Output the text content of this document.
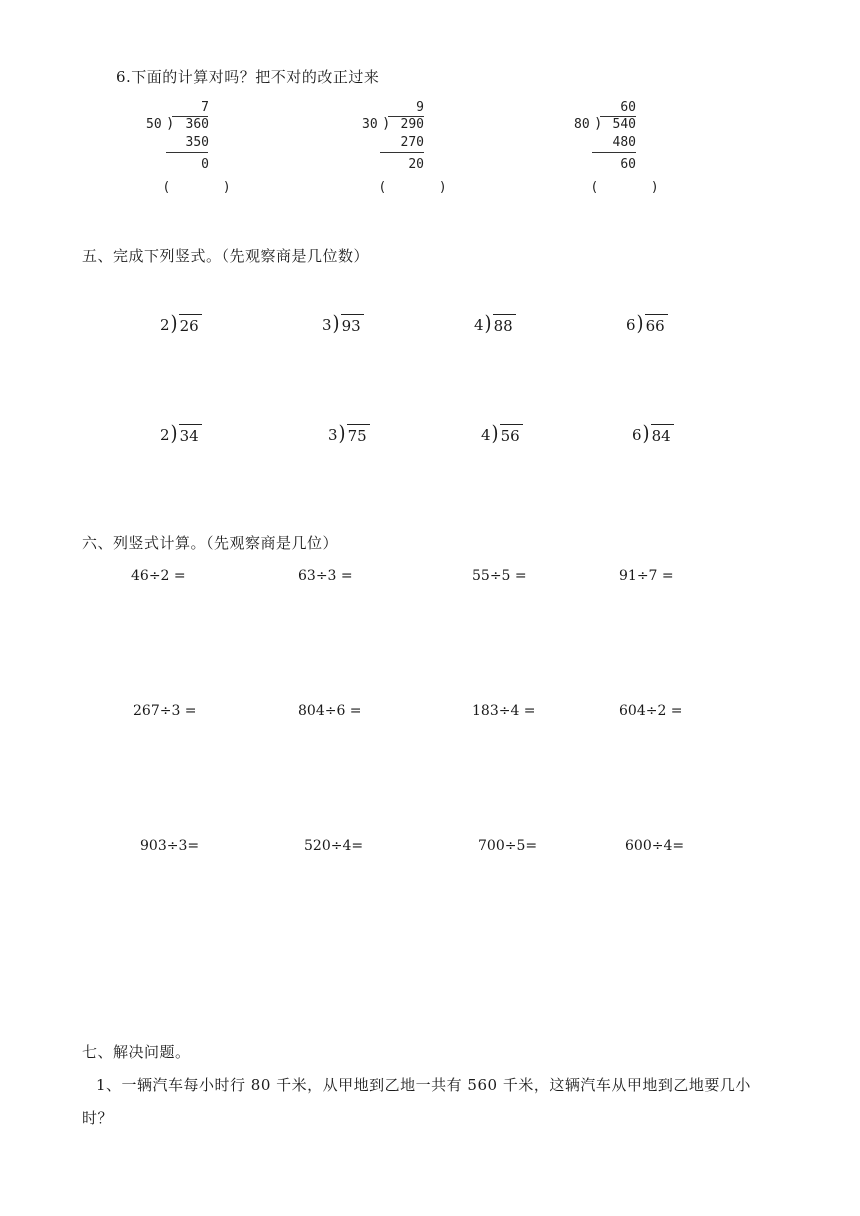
6.下面的计算对吗？把不对的改正过来
7
50 ) 360
350
0
(	)
9
30 ) 290
270
20
(	)
60
80 ) 540
480
60
(	)
五、完成下列竖式。（先观察商是几位数）
2 ) 26	3 ) 93	4 ) 88	6 ) 66
2 ) 34	3 ) 75	4 ) 56	6 ) 84
六、列竖式计算。（先观察商是几位）
46÷2 =	63÷3 =	55÷5 =	91÷7 =
267÷3 =	804÷6 =	183÷4 =	604÷2 =
903÷3=	520÷4=	700÷5=	600÷4=
七、解决问题。
1、一辆汽车每小时行 80 千米，从甲地到乙地一共有 560 千米，这辆汽车从甲地到乙地要几小
时？
